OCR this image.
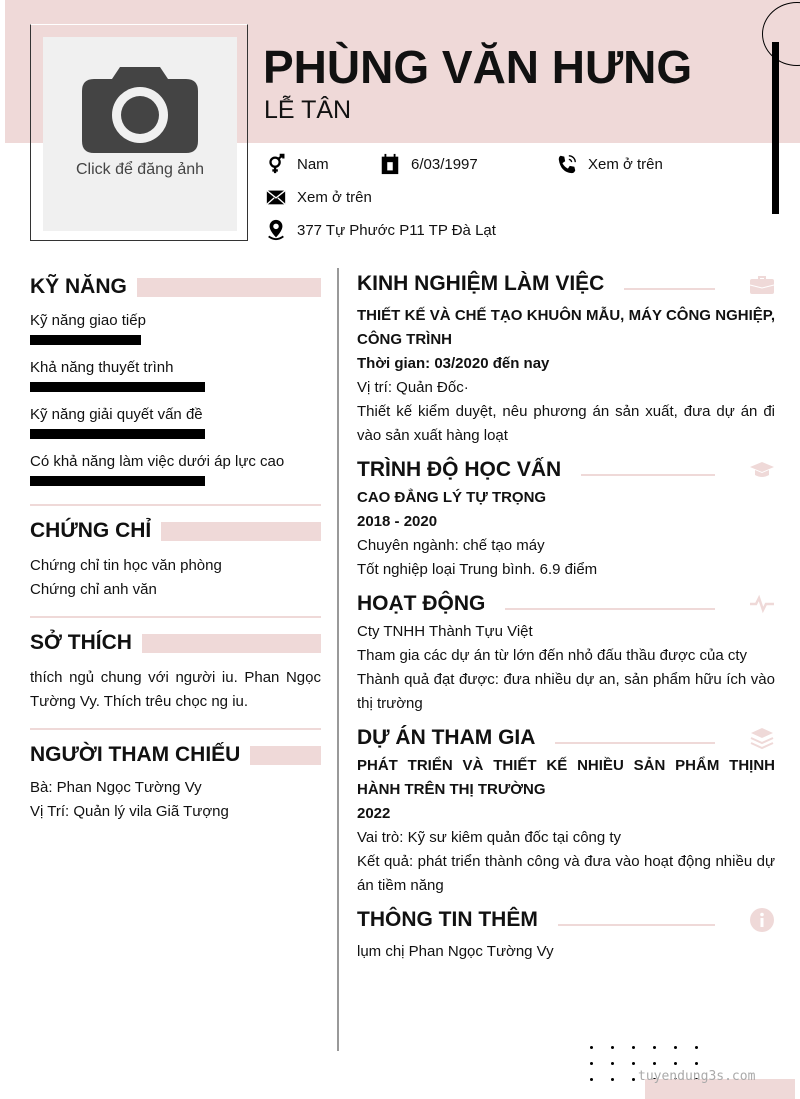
Click để đăng ảnh
PHÙNG VĂN HƯNG
LỄ TÂN
Nam	6/03/1997	Xem ở trên
Xem ở trên
377 Tự Phước P11 TP Đà Lạt
KỸ NĂNG
Kỹ năng giao tiếp
Khả năng thuyết trình
Kỹ năng giải quyết vấn đề
Có khả năng làm việc dưới áp lực cao
CHỨNG CHỈ
Chứng chỉ tin học văn phòng
Chứng chỉ anh văn
SỞ THÍCH
thích ngủ chung với người iu. Phan Ngọc Tường Vy. Thích trêu chọc ng iu.
NGƯỜI THAM CHIẾU
Bà: Phan Ngọc Tường Vy
Vị Trí: Quản lý vila Giã Tượng
KINH NGHIỆM LÀM VIỆC
THIẾT KẾ VÀ CHẾ TẠO KHUÔN MẪU, MÁY CÔNG NGHIỆP, CÔNG TRÌNH
Thời gian: 03/2020 đến nay
Vị trí: Quản Đốc·
Thiết kế kiểm duyệt, nêu phương án sản xuất, đưa dự án đi vào sản xuất hàng loạt
TRÌNH ĐỘ HỌC VẤN
CAO ĐẲNG LÝ TỰ TRỌNG
2018 - 2020
Chuyên ngành: chế tạo máy
Tốt nghiệp loại Trung bình. 6.9 điểm
HOẠT ĐỘNG
Cty TNHH Thành Tựu Việt
Tham gia các dự án từ lớn đến nhỏ đấu thầu được của cty
Thành quả đạt được: đưa nhiều dự an, sản phẩm hữu ích vào thị trường
DỰ ÁN THAM GIA
PHÁT TRIỂN VÀ THIẾT KẾ NHIỀU SẢN PHẨM THỊNH HÀNH TRÊN THỊ TRƯỜNG
2022
Vai trò: Kỹ sư kiêm quản đốc tại công ty
Kết quả: phát triển thành công và đưa vào hoạt động nhiều dự án tiềm năng
THÔNG TIN THÊM
lụm chị Phan Ngọc Tường Vy
tuyendung3s.com
